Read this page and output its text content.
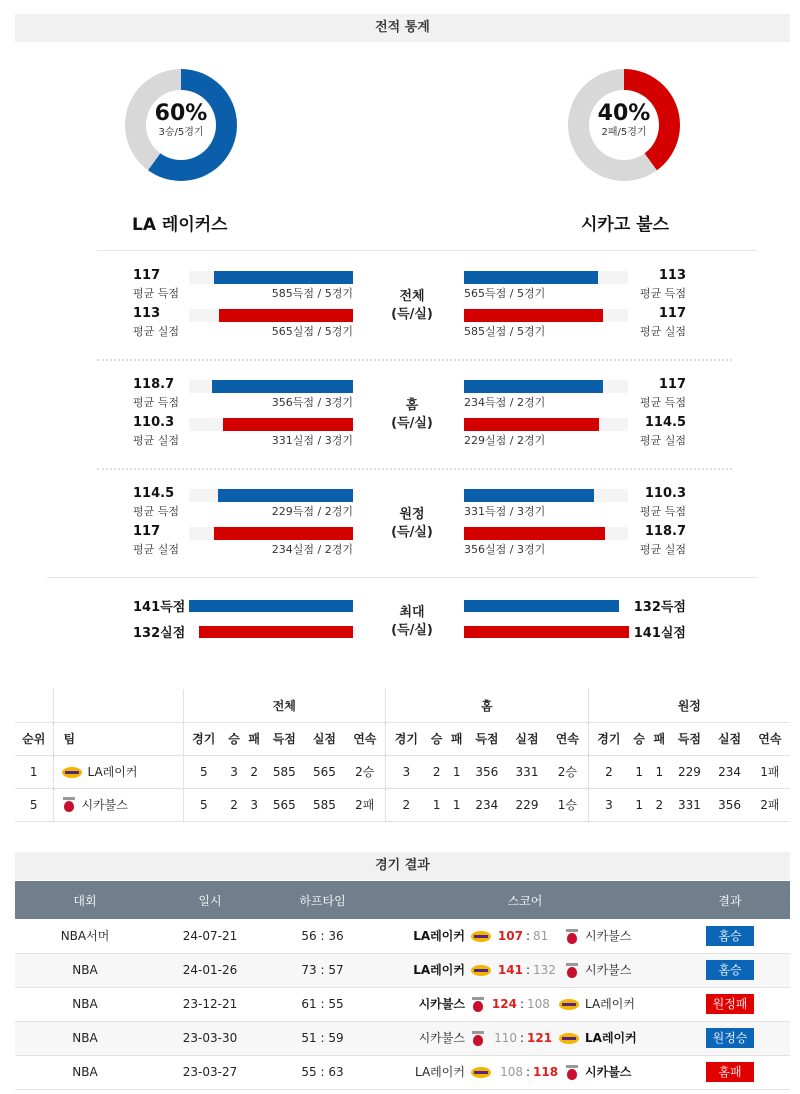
전적 통계
60%
3승/5경기
LA 레이커스
40%
2패/5경기
시카고 불스
117
평균 득점	585득점 / 5경기	565득점 / 5경기
113
평균 득점
113
평균 실점	565실점 / 5경기	585실점 / 5경기
117
평균 실점
전체
(득/실)
118.7
평균 득점	356득점 / 3경기	234득점 / 2경기
117
평균 득점
110.3
평균 실점	331실점 / 3경기	229실점 / 2경기
114.5
평균 실점
홈
(득/실)
114.5
평균 득점	229득점 / 2경기	331득점 / 3경기
110.3
평균 득점
117
평균 실점	234실점 / 2경기	356실점 / 3경기
118.7
평균 실점
원정
(득/실)
141득점	132득점
132실점	141실점
최대
(득/실)
		전체						홈						원정					
순위	팀	경기	승	패	득점	실점	연속	경기	승	패	득점	실점	연속	경기	승	패	득점	실점	연속
1	LA레이커	5	3	2	585	565	2승	3	2	1	356	331	2승	2	1	1	229	234	1패
5	시카불스	5	2	3	565	585	2패	2	1	1	234	229	1승	3	1	2	331	356	2패
경기 결과
대회	일시	하프타임	스코어	결과
NBA서머	24-07-21	56 : 36	LA레이커 107 : 81 시카불스	홈승
NBA	24-01-26	73 : 57	LA레이커 141 : 132 시카불스	홈승
NBA	23-12-21	61 : 55	시카불스 124 : 108 LA레이커	원정패
NBA	23-03-30	51 : 59	시카불스 110 : 121 LA레이커	원정승
NBA	23-03-27	55 : 63	LA레이커 108 : 118 시카불스	홈패
